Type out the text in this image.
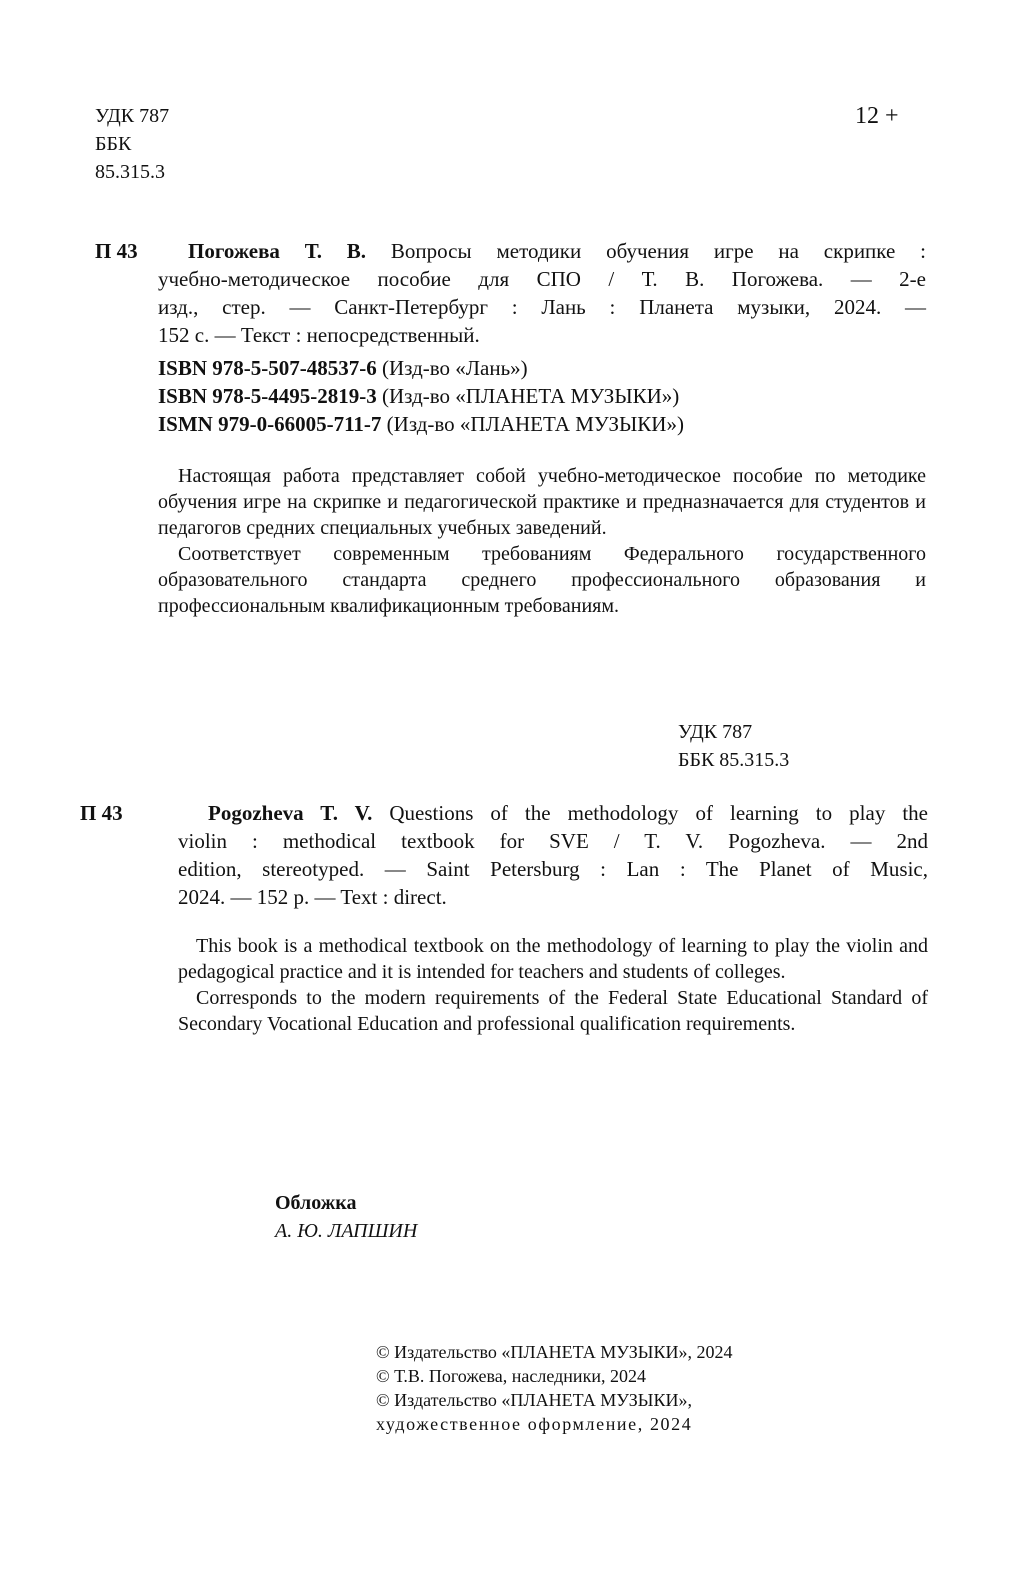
УДК 787
ББК
85.315.3
12 +
П 43	Погожева Т. В. Вопросы методики обучения игре на скрипке :
учебно-методическое пособие для СПО / Т. В. Погожева. — 2-е
изд., стер. — Санкт-Петербург : Лань : Планета музыки, 2024. —
152 с. — Текст : непосредственный.
ISBN 978-5-507-48537-6 (Изд-во «Лань»)
ISBN 978-5-4495-2819-3 (Изд-во «ПЛАНЕТА МУЗЫКИ»)
ISMN 979-0-66005-711-7 (Изд-во «ПЛАНЕТА МУЗЫКИ»)

Настоящая работа представляет собой учебно-методическое пособие по методике обучения игре на скрипке и педагогической практике и предназначается для студентов и педагогов средних специальных учебных заведений.

Соответствует современным требованиям Федерального государственного образовательного стандарта среднего профессионального образования и профессиональным квалификационным требованиям.

УДК 787
ББК 85.315.3
П 43	Pogozheva T. V. Questions of the methodology of learning to play the
violin : methodical textbook for SVE / T. V. Pogozheva. — 2nd
edition, stereotyped. — Saint Petersburg : Lan : The Planet of Music,
2024. — 152 p. — Text : direct.

This book is a methodical textbook on the methodology of learning to play the violin and pedagogical practice and it is intended for teachers and students of colleges.

Corresponds to the modern requirements of the Federal State Educational Standard of Secondary Vocational Education and professional qualification requirements.

Обложка
А. Ю. ЛАПШИН
© Издательство «ПЛАНЕТА МУЗЫКИ», 2024
© Т.В. Погожева, наследники, 2024
© Издательство «ПЛАНЕТА МУЗЫКИ»,
художественное оформление, 2024
